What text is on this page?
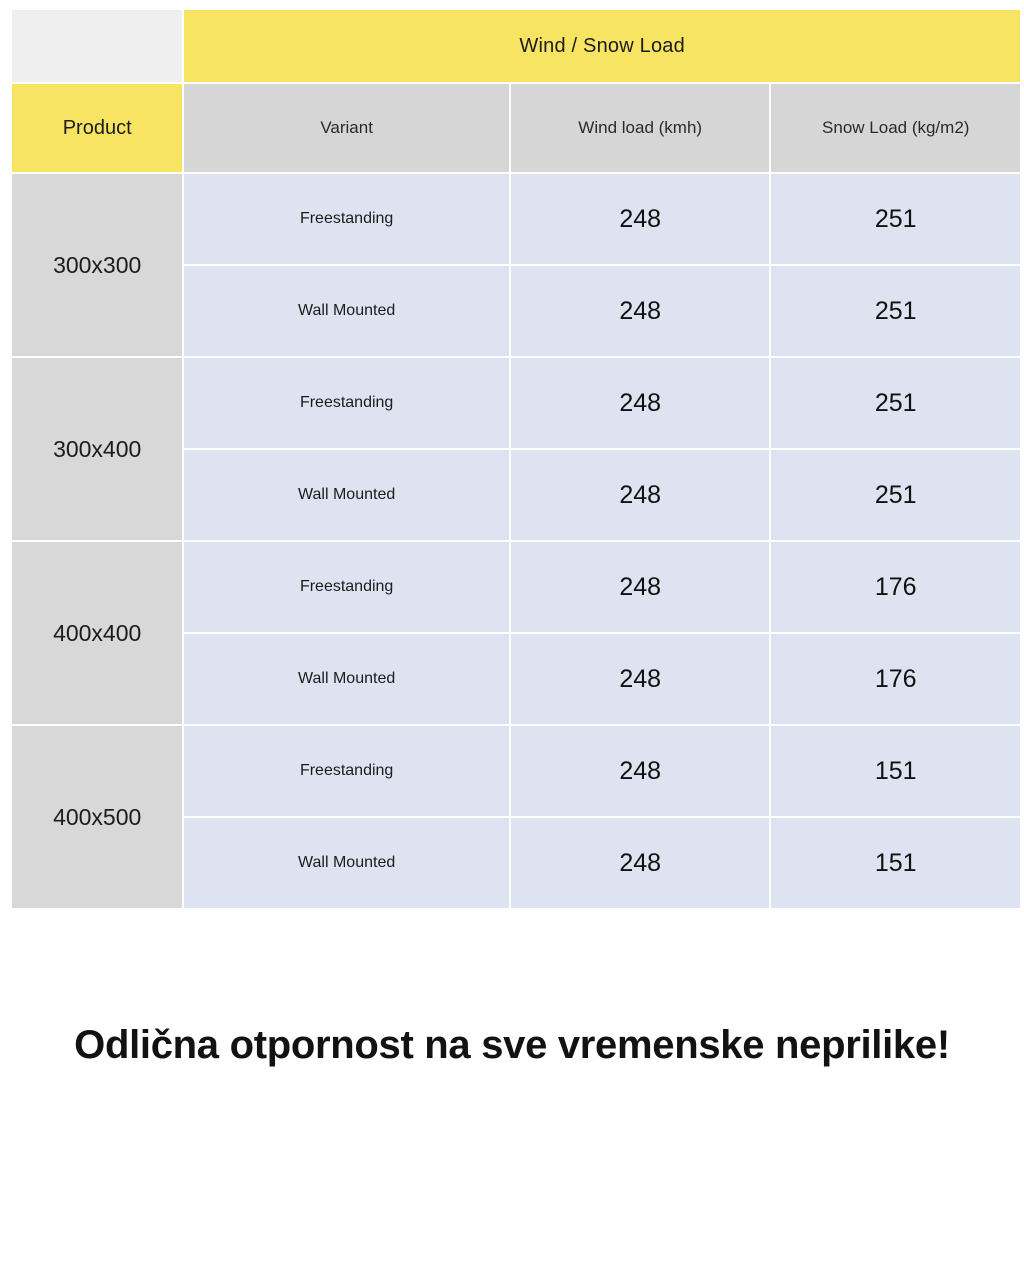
	Wind / Snow Load		
Product	Variant	Wind load (kmh)	Snow Load (kg/m2)
300x300	Freestanding	248	251
	Wall Mounted	248	251
300x400	Freestanding	248	251
	Wall Mounted	248	251
400x400	Freestanding	248	176
	Wall Mounted	248	176
400x500	Freestanding	248	151
	Wall Mounted	248	151
Odlična otpornost na sve vremenske neprilike!
